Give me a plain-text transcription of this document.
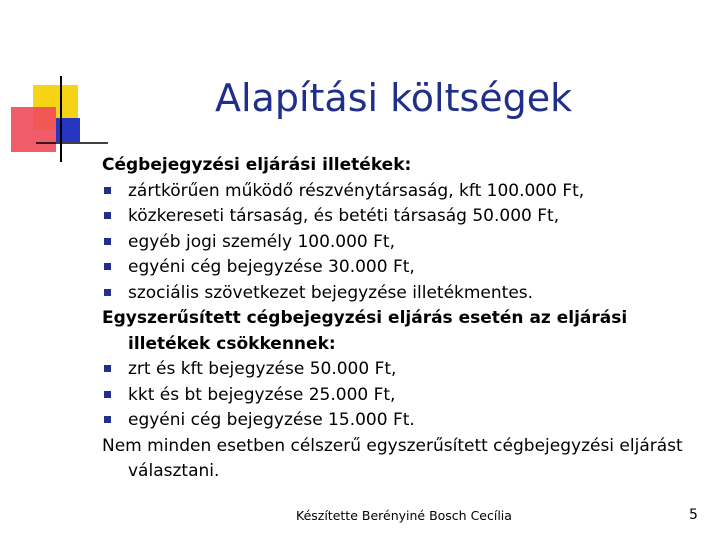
Alapítási költségek
Cégbejegyzési eljárási illetékek:
zártkörűen működő részvénytársaság, kft 100.000 Ft,
közkereseti társaság, és betéti társaság 50.000 Ft,
egyéb jogi személy 100.000 Ft,
egyéni cég bejegyzése 30.000 Ft,
szociális szövetkezet bejegyzése illetékmentes.
Egyszerűsített cégbejegyzési eljárás esetén az eljárási
illetékek csökkennek:
zrt és kft bejegyzése 50.000 Ft,
kkt és bt bejegyzése 25.000 Ft,
egyéni cég bejegyzése 15.000 Ft.
Nem minden esetben célszerű egyszerűsített cégbejegyzési eljárást
választani.
Készítette Berényiné Bosch Cecília	5
